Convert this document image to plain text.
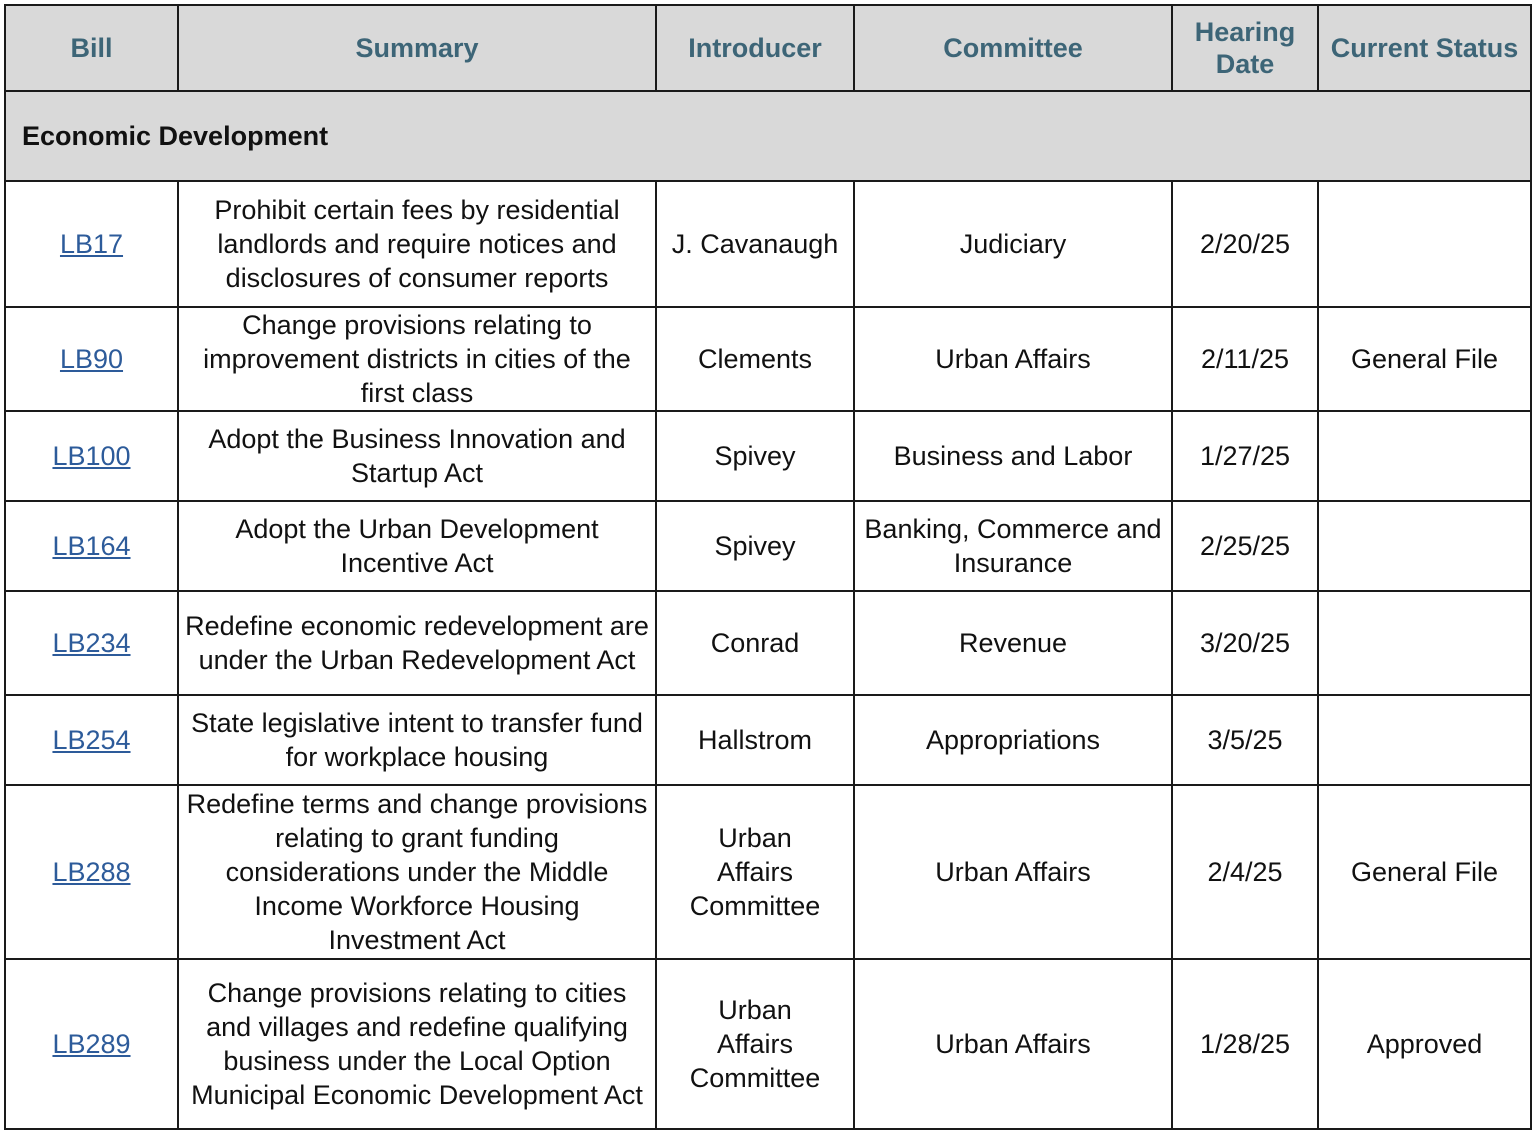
Bill	Summary	Introducer	Committee	Hearing Date	Current Status
Economic Development					
LB17	Prohibit certain fees by residential landlords and require notices and disclosures of consumer reports	J. Cavanaugh	Judiciary	2/20/25	
LB90	Change provisions relating to improvement districts in cities of the first class	Clements	Urban Affairs	2/11/25	General File
LB100	Adopt the Business Innovation and Startup Act	Spivey	Business and Labor	1/27/25	
LB164	Adopt the Urban Development Incentive Act	Spivey	Banking, Commerce and Insurance	2/25/25	
LB234	Redefine economic redevelopment are under the Urban Redevelopment Act	Conrad	Revenue	3/20/25	
LB254	State legislative intent to transfer fund for workplace housing	Hallstrom	Appropriations	3/5/25	
LB288	Redefine terms and change provisions relating to grant funding considerations under the Middle Income Workforce Housing Investment Act	Urban Affairs Committee	Urban Affairs	2/4/25	General File
LB289	Change provisions relating to cities and villages and redefine qualifying business under the Local Option Municipal Economic Development Act	Urban Affairs Committee	Urban Affairs	1/28/25	Approved
